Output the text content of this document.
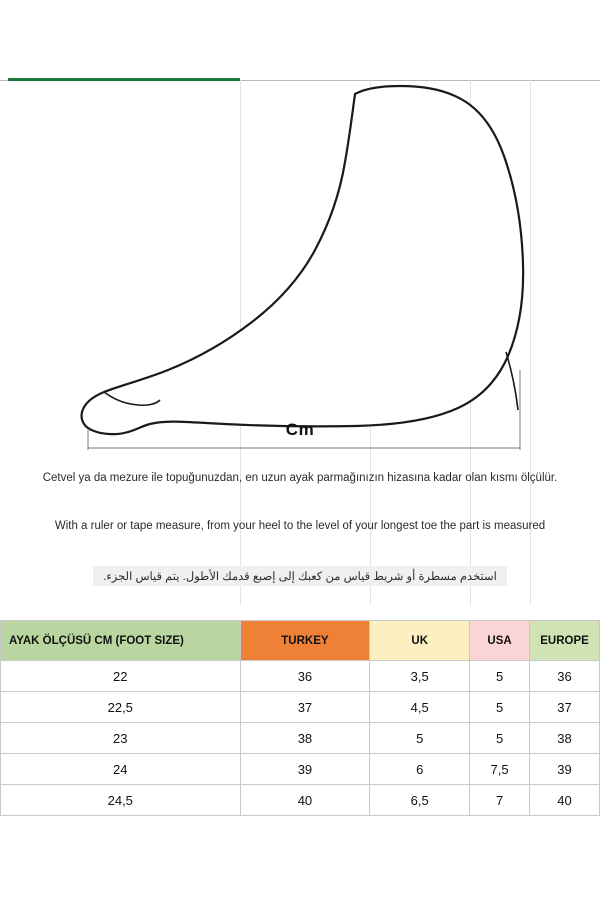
Cm
Cetvel ya da mezure ile topuğunuzdan, en uzun ayak parmağınızın hizasına kadar olan kısmı ölçülür.
With a ruler or tape measure, from your heel to the level of your longest toe the part is measured
استخدم مسطرة أو شريط قياس من كعبك إلى إصبع قدمك الأطول. يتم قياس الجزء.
AYAK ÖLÇÜSÜ CM (FOOT SIZE)	TURKEY	UK	USA	EUROPE
22	36	3,5	5	36
22,5	37	4,5	5	37
23	38	5	5	38
24	39	6	7,5	39
24,5	40	6,5	7	40
